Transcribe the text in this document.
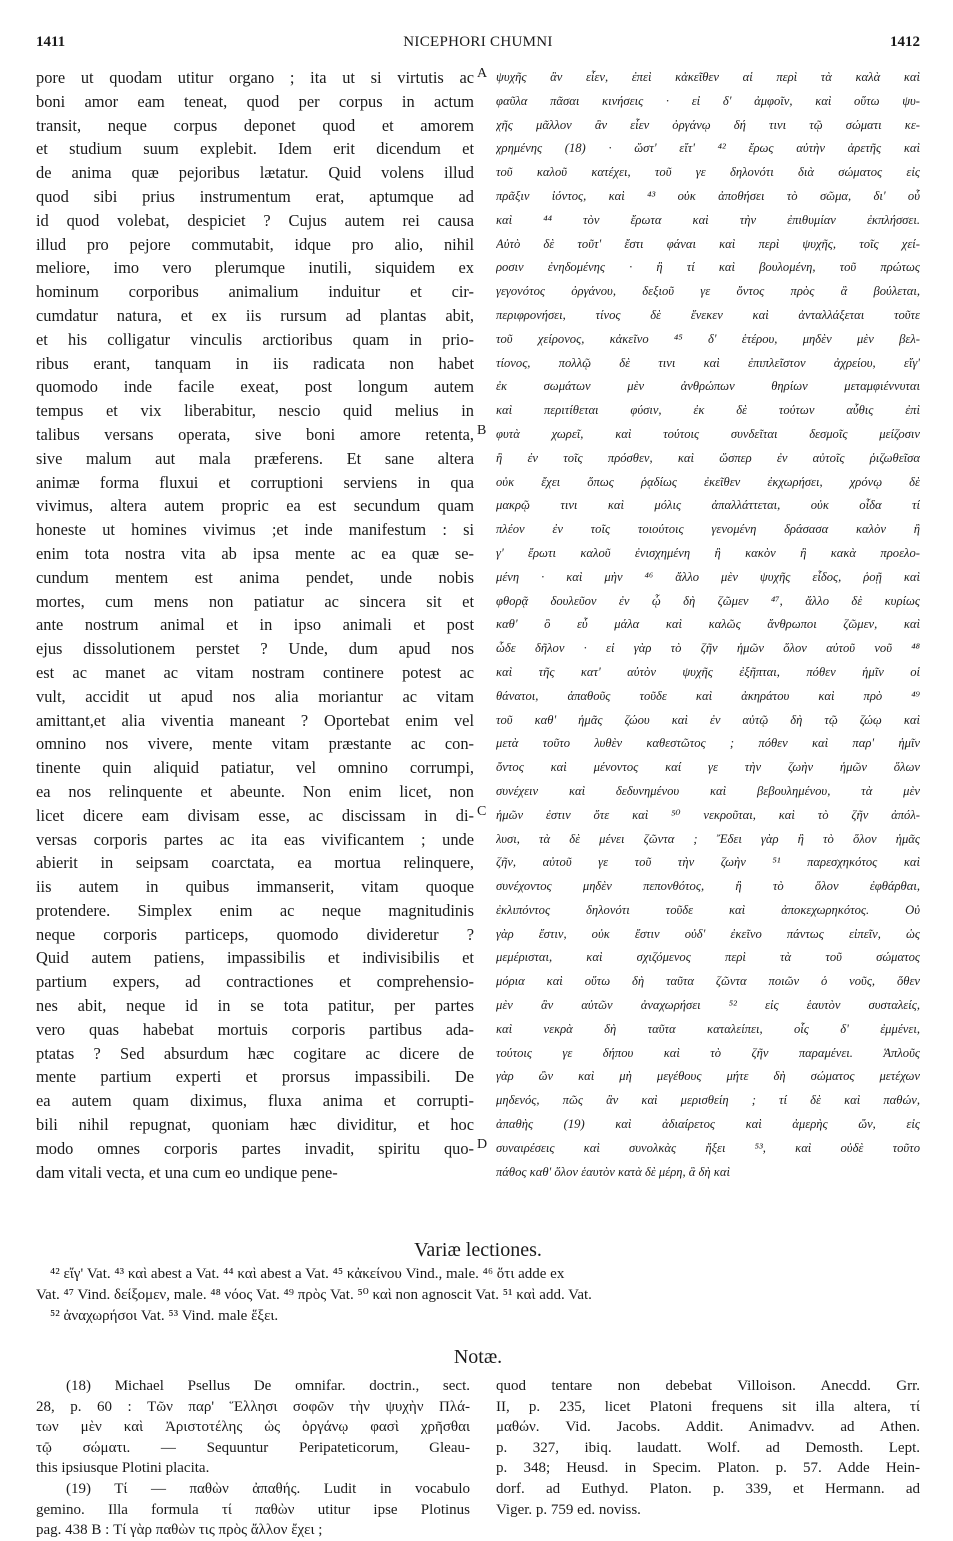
1411	NICEPHORI CHUMNI	1412
pore ut quodam utitur organo ; ita ut si virtutis ac
boni amor eam teneat, quod per corpus in actum
transit, neque corpus deponet quod et amorem
et studium suum explebit. Idem erit dicendum et
de anima quæ pejoribus lætatur. Quid volens illud
quod sibi prius instrumentum erat, aptumque ad
id quod volebat, despiciet ? Cujus autem rei causa
illud pro pejore commutabit, idque pro alio, nihil
meliore, imo vero plerumque inutili, siquidem ex
hominum corporibus animalium induitur et cir-
cumdatur natura, et ex iis rursum ad plantas abit,
et his colligatur vinculis arctioribus quam in prio-
ribus erant, tanquam in iis radicata non habet
quomodo inde facile exeat, post longum autem
tempus et vix liberabitur, nescio quid melius in
talibus versans operata, sive boni amore retenta,
sive malum aut mala præferens. Et sane altera
animæ forma fluxui et corruptioni serviens in qua
vivimus, altera autem propric ea est secundum quam
honeste ut homines vivimus ;et inde manifestum : si
enim tota nostra vita ab ipsa mente ac ea quæ se-
cundum mentem est anima pendet, unde nobis
mortes, cum mens non patiatur ac sincera sit et
ante nostrum animal et in ipso animali et post
ejus dissolutionem perstet ? Unde, dum apud nos
est ac manet ac vitam nostram continere potest ac
vult, accidit ut apud nos alia moriantur ac vitam
amittant,et alia viventia maneant ? Oportebat enim vel
omnino nos vivere, mente vitam præstante ac con-
tinente quin aliquid patiatur, vel omnino corrumpi,
ea nos relinquente et abeunte. Non enim licet, non
licet dicere eam divisam esse, ac discissam in di-
versas corporis partes ac ita eas vivificantem ; unde
abierit in seipsam coarctata, ea mortua relinquere,
iis autem in quibus immanserit, vitam quoque
protendere. Simplex enim ac neque magnitudinis
neque corporis particeps, quomodo divideretur ?
Quid autem patiens, impassibilis et indivisibilis et
partium expers, ad contractiones et comprehensio-
nes abit, neque id in se tota patitur, per partes
vero quas habebat mortuis corporis partibus ada-
ptatas ? Sed absurdum hæc cogitare ac dicere de
mente partium experti et prorsus impassibili. De
ea autem quam diximus, fluxa anima et corrupti-
bili nihil repugnat, quoniam hæc dividitur, et hoc
modo omnes corporis partes invadit, spiritu quo-
dam vitali vecta, et una cum eo undique pene-
A
B
C
D
ψυχῆς ἂν εἶεν, ἐπεὶ κἀκεῖθεν αἱ περὶ τὰ καλὰ καὶ
φαῦλα πᾶσαι κινήσεις · εἰ δ' ἀμφοῖν, καὶ οὕτω ψυ-
χῆς μᾶλλον ἂν εἶεν ὀργάνῳ δή τινι τῷ σώματι κε-
χρημένης (18) · ὥστ' εἴτ' ⁴² ἔρως αὐτὴν ἀρετῆς καὶ
τοῦ καλοῦ κατέχει, τοῦ γε δηλονότι διὰ σώματος εἰς
πρᾶξιν ἰόντος, καὶ ⁴³ οὐκ ἀποθήσει τὸ σῶμα, δι' οὗ
καὶ ⁴⁴ τὸν ἔρωτα καὶ τὴν ἐπιθυμίαν ἐκπλήσσει.
Αὐτὸ δὲ τοῦτ' ἔστι φάναι καὶ περὶ ψυχῆς, τοῖς χεί-
ροσιν ἐνηδομένης · ἢ τί καὶ βουλομένη, τοῦ πρώτως
γεγονότος ὀργάνου, δεξιοῦ γε ὄντος πρὸς ἃ βούλεται,
περιφρονήσει, τίνος δὲ ἕνεκεν καὶ ἀνταλλάξεται τοῦτε
τοῦ χείρονος, κἀκεῖνο ⁴⁵ δ' ἑτέρου, μηδὲν μὲν βελ-
τίονος, πολλῷ δὲ τινι καὶ ἐπιπλεῖστον ἀχρείου, εἴγ'
ἐκ σωμάτων μὲν ἀνθρώπων θηρίων μεταμφιέννυται
καὶ περιτίθεται φύσιν, ἐκ δὲ τούτων αὖθις ἐπὶ
φυτὰ χωρεῖ, καὶ τούτοις συνδεῖται δεσμοῖς μείζοσιν
ἢ ἐν τοῖς πρόσθεν, καὶ ὥσπερ ἐν αὐτοῖς ῥιζωθεῖσα
οὐκ ἔχει ὅπως ῥᾳδίως ἐκεῖθεν ἐκχωρήσει, χρόνῳ δὲ
μακρῷ τινι καὶ μόλις ἀπαλλάττεται, οὐκ οἶδα τί
πλέον ἐν τοῖς τοιούτοις γενομένη δράσασα καλὸν ἢ
γ' ἔρωτι καλοῦ ἐνισχημένη ἢ κακὸν ἢ κακὰ προελο-
μένη · καὶ μὴν ⁴⁶ ἄλλο μὲν ψυχῆς εἶδος, ῥοῇ καὶ
φθορᾷ δουλεῦον ἐν ᾧ δὴ ζῶμεν ⁴⁷, ἄλλο δὲ κυρίως
καθ' ὃ εὖ μάλα καὶ καλῶς ἄνθρωποι ζῶμεν, καὶ
ὧδε δῆλον · εἰ γὰρ τὸ ζῆν ἡμῶν ὅλον αὐτοῦ νοῦ ⁴⁸
καὶ τῆς κατ' αὐτὸν ψυχῆς ἐξῆπται, πόθεν ἡμῖν οἱ
θάνατοι, ἀπαθοῦς τοῦδε καὶ ἀκηράτου καὶ πρὸ ⁴⁹
τοῦ καθ' ἡμᾶς ζώου καὶ ἐν αὐτῷ δὴ τῷ ζώῳ καὶ
μετὰ τοῦτο λυθὲν καθεστῶτος ; πόθεν καὶ παρ' ἡμῖν
ὄντος καὶ μένοντος καί γε τὴν ζωὴν ἡμῶν ὅλων
συνέχειν καὶ δεδυνημένου καὶ βεβουλημένου, τὰ μὲν
ἡμῶν ἐστιν ὅτε καὶ ⁵⁰ νεκροῦται, καὶ τὸ ζῆν ἀπόλ-
λυσι, τὰ δὲ μένει ζῶντα ; Ἔδει γὰρ ἢ τὸ ὅλον ἡμᾶς
ζῆν, αὐτοῦ γε τοῦ τὴν ζωὴν ⁵¹ παρεσχηκότος καὶ
συνέχοντος μηδὲν πεπονθότος, ἢ τὸ ὅλον ἐφθάρθαι,
ἐκλιπόντος δηλονότι τοῦδε καὶ ἀποκεχωρηκότος. Οὐ
γὰρ ἔστιν, οὐκ ἔστιν οὐδ' ἐκεῖνο πάντως εἰπεῖν, ὡς
μεμέρισται, καὶ σχιζόμενος περὶ τὰ τοῦ σώματος
μόρια καὶ οὕτω δὴ ταῦτα ζῶντα ποιῶν ὁ νοῦς, ὅθεν
μὲν ἂν αὐτῶν ἀναχωρήσει ⁵² εἰς ἑαυτὸν συσταλείς,
καὶ νεκρὰ δὴ ταῦτα καταλείπει, οἷς δ' ἐμμένει,
τούτοις γε δήπου καὶ τὸ ζῆν παραμένει. Ἁπλοῦς
γὰρ ὢν καὶ μὴ μεγέθους μήτε δὴ σώματος μετέχων
μηδενός, πῶς ἂν καὶ μερισθείη ; τί δὲ καὶ παθών,
ἀπαθὴς (19) καὶ ἀδιαίρετος καὶ ἀμερὴς ὤν, εἰς
συναιρέσεις καὶ συνολκὰς ἥξει ⁵³, καὶ οὐδὲ τοῦτο
πάθος καθ' ὅλον ἑαυτὸν κατὰ δὲ μέρη, ἃ δὴ καὶ
Variæ lectiones.
⁴² εἴγ' Vat. ⁴³ καὶ abest a Vat. ⁴⁴ καὶ abest a Vat. ⁴⁵ κἀκείνου Vind., male. ⁴⁶ ὅτι adde ex
Vat. ⁴⁷ Vind. δείξομεν, male. ⁴⁸ νόος Vat. ⁴⁹ πρὸς Vat. ⁵⁰ καὶ non agnoscit Vat. ⁵¹ καὶ add. Vat.
⁵² ἀναχωρήσοι Vat. ⁵³ Vind. male ἕξει.
Notæ.
(18) Michael Psellus De omnifar. doctrin., sect.
28, p. 60 : Τῶν παρ' Ἕλλησι σοφῶν τὴν ψυχὴν Πλά-
των μὲν καὶ Ἀριστοτέλης ὡς ὀργάνῳ φασὶ χρῆσθαι
τῷ σώματι. — Sequuntur Peripateticorum, Gleau-
this ipsiusque Plotini placita.
(19) Τί — παθὼν ἀπαθής. Ludit in vocabulo
gemino. Illa formula τί παθὼν utitur ipse Plotinus
pag. 438 B : Τί γὰρ παθὼν τις πρὸς ἄλλον ἔχει ;
quod tentare non debebat Villoison. Anecdd. Grr.
II, p. 235, licet Platoni frequens sit illa altera, τί
μαθών. Vid. Jacobs. Addit. Animadvv. ad Athen.
p. 327, ibiq. laudatt. Wolf. ad Demosth. Lept.
p. 348; Heusd. in Specim. Platon. p. 57. Adde Hein-
dorf. ad Euthyd. Platon. p. 339, et Hermann. ad
Viger. p. 759 ed. noviss.
